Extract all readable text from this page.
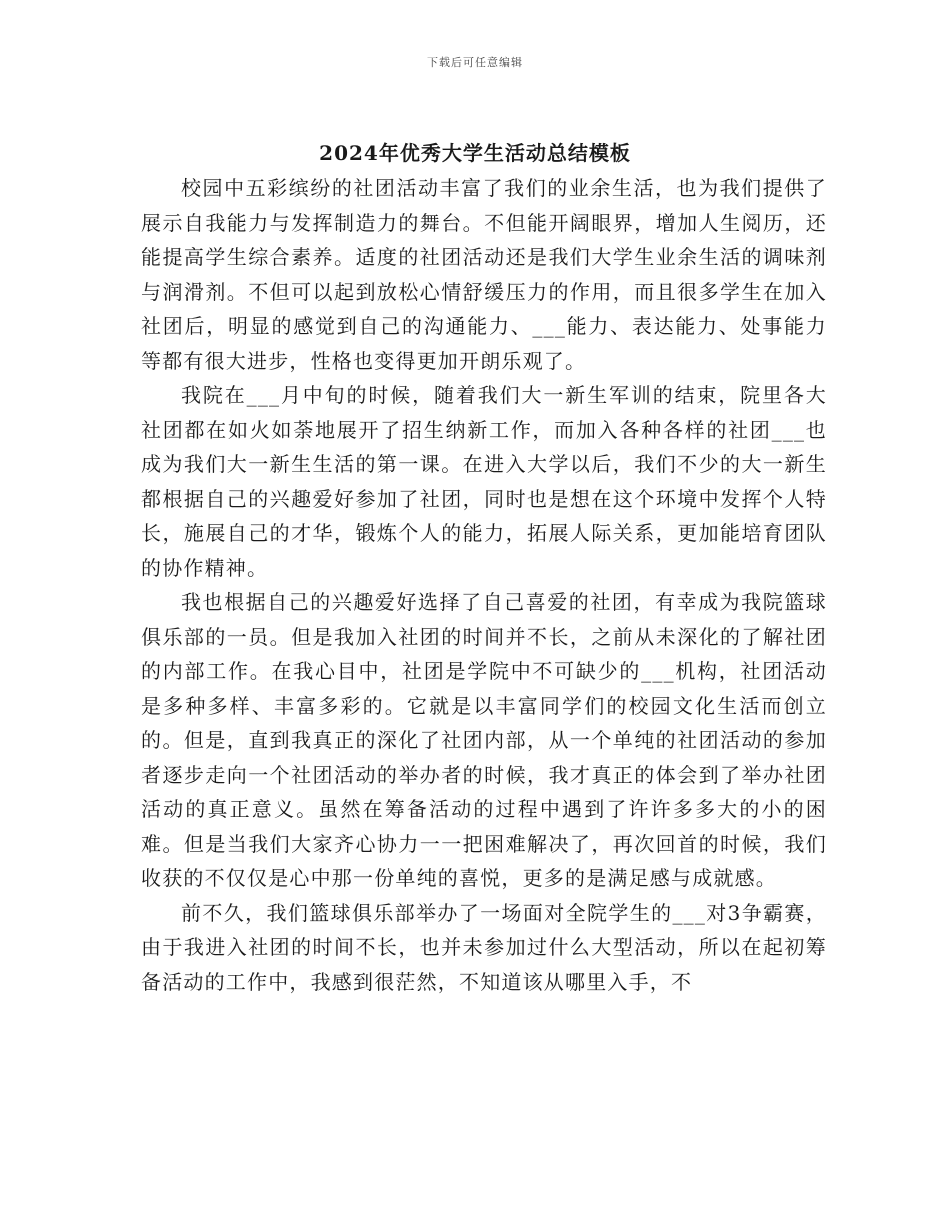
下载后可任意编辑
2024年优秀大学生活动总结模板

校园中五彩缤纷的社团活动丰富了我们的业余生活，也为我们提供了展示自我能力与发挥制造力的舞台。不但能开阔眼界，增加人生阅历，还能提高学生综合素养。适度的社团活动还是我们大学生业余生活的调味剂与润滑剂。不但可以起到放松心情舒缓压力的作用，而且很多学生在加入社团后，明显的感觉到自己的沟通能力、___能力、表达能力、处事能力等都有很大进步，性格也变得更加开朗乐观了。

我院在___月中旬的时候，随着我们大一新生军训的结束，院里各大社团都在如火如荼地展开了招生纳新工作，而加入各种各样的社团___也成为我们大一新生生活的第一课。在进入大学以后，我们不少的大一新生都根据自己的兴趣爱好参加了社团，同时也是想在这个环境中发挥个人特长，施展自己的才华，锻炼个人的能力，拓展人际关系，更加能培育团队的协作精神。

我也根据自己的兴趣爱好选择了自己喜爱的社团，有幸成为我院篮球俱乐部的一员。但是我加入社团的时间并不长，之前从未深化的了解社团的内部工作。在我心目中，社团是学院中不可缺少的___机构，社团活动是多种多样、丰富多彩的。它就是以丰富同学们的校园文化生活而创立的。但是，直到我真正的深化了社团内部，从一个单纯的社团活动的参加者逐步走向一个社团活动的举办者的时候，我才真正的体会到了举办社团活动的真正意义。虽然在筹备活动的过程中遇到了许许多多大的小的困难。但是当我们大家齐心协力一一把困难解决了，再次回首的时候，我们收获的不仅仅是心中那一份单纯的喜悦，更多的是满足感与成就感。

前不久，我们篮球俱乐部举办了一场面对全院学生的___对3争霸赛，由于我进入社团的时间不长，也并未参加过什么大型活动，所以在起初筹备活动的工作中，我感到很茫然，不知道该从哪里入手，不
